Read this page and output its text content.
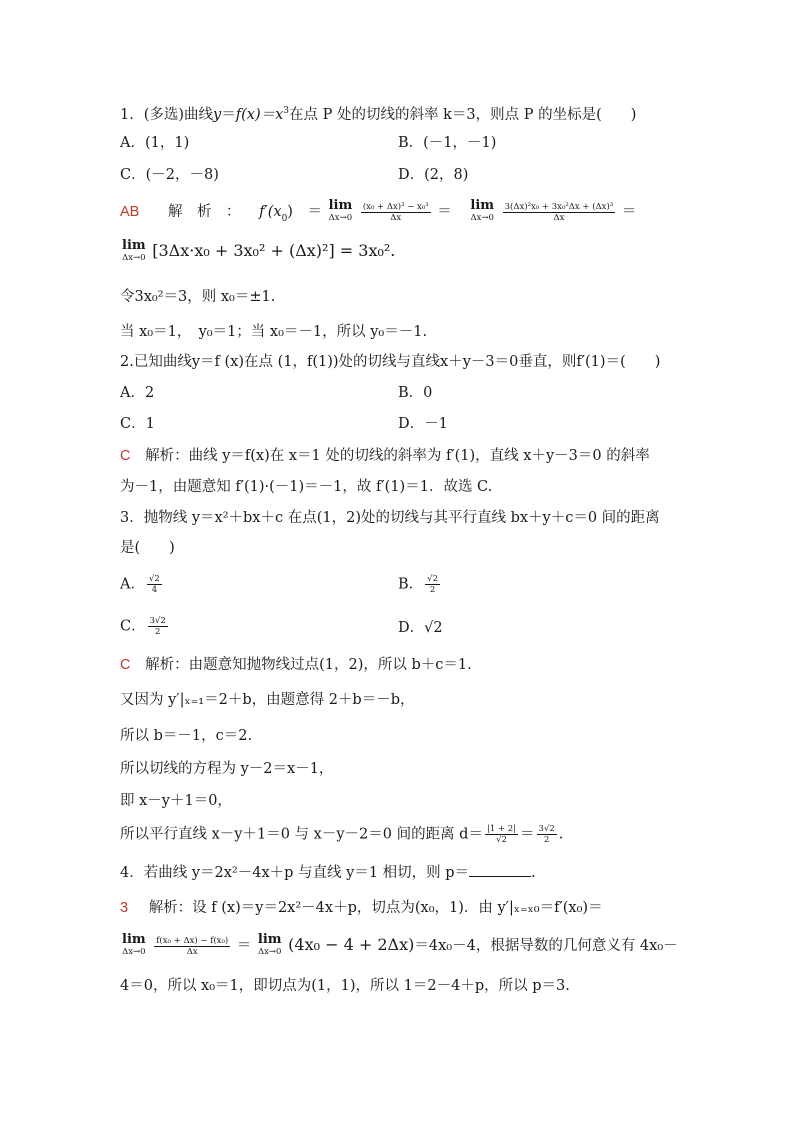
1．(多选)曲线$y=f(x)=x^3$在点 P 处的切线的斜率 k＝3，则点 P 的坐标是(　　)
A．(1，1)	B．(－1，－1)
C．(－2，－8)	D．(2，8)
AB 解　析　： $f'(x_0)$　＝ lim
Δx→0
$\frac{\text{(x₀ + Δx)³ − x₀³}}{\Delta x} = \lim$
Δx→0
$\frac{\text{3(Δx)²x₀ + 3x₀²Δx + (Δx)³}}{\Delta x}$ ＝
lim
Δx→0 [3Δx·x₀ + 3x₀² + (Δx)²] = 3x₀².
令3x₀²＝3，则 x₀＝±1.
当 x₀＝1，　y₀＝1；当 x₀＝－1，所以 y₀＝－1.
2.已知曲线y＝f (x)在点 (1，f(1))处的切线与直线x＋y－3＝0垂直，则f′(1)＝(　　)
A．2	B．0
C．1	D．－1
C 解析：曲线 y＝f(x)在 x＝1 处的切线的斜率为 f′(1)，直线 x＋y－3＝0 的斜率
为－1，由题意知 f′(1)·(－1)＝－1，故 f′(1)＝1．故选 C.
3．抛物线 y＝x²＋bx＋c 在点(1，2)处的切线与其平行直线 bx＋y＋c＝0 间的距离
是(　　)
A． $\frac{√2}{4}$	B． $\frac{√2}{2}$
C． $\frac{3√2}{2}$	D．√2
C 解析：由题意知抛物线过点(1，2)，所以 b＋c＝1.
又因为 y′|ₓ₌₁＝2＋b，由题意得 2＋b＝－b，
所以 b＝－1，c＝2.
所以切线的方程为 y－2＝x－1，
即 x－y＋1＝0，
所以平行直线 x－y＋1＝0 与 x－y－2＝0 间的距离 $d= \frac{|1 + 2|}{√2} = \frac{3√2}{2}$ .
4．若曲线 y＝2x²－4x＋p 与直线 y＝1 相切，则 p＝	.
3 解析：设 f (x)＝y＝2x²－4x＋p，切点为(x₀，1)．由 y′|ₓ₌ₓ₀＝f′(x₀)＝
lim
Δx→0
$\frac{\text{f(x₀ + Δx) − f(x₀)}}{\Delta x} = \lim$
Δx→0 (4x₀ − 4 + 2Δx)＝4x₀－4，根据导数的几何意义有 4x₀－
4＝0，所以 x₀＝1，即切点为(1，1)，所以 1＝2－4＋p，所以 p＝3.
